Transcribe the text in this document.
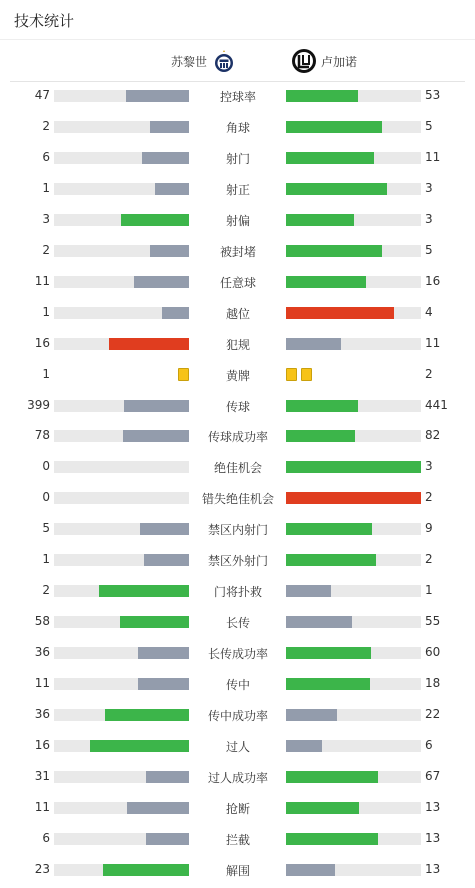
技术统计
苏黎世	卢加诺
47	控球率	53
2	角球	5
6	射门	11
1	射正	3
3	射偏	3
2	被封堵	5
11	任意球	16
1	越位	4
16	犯规	11
1	黄牌	2
399	传球	441
78	传球成功率	82
0	绝佳机会	3
0	错失绝佳机会	2
5	禁区内射门	9
1	禁区外射门	2
2	门将扑救	1
58	长传	55
36	长传成功率	60
11	传中	18
36	传中成功率	22
16	过人	6
31	过人成功率	67
11	抢断	13
6	拦截	13
23	解围	13
